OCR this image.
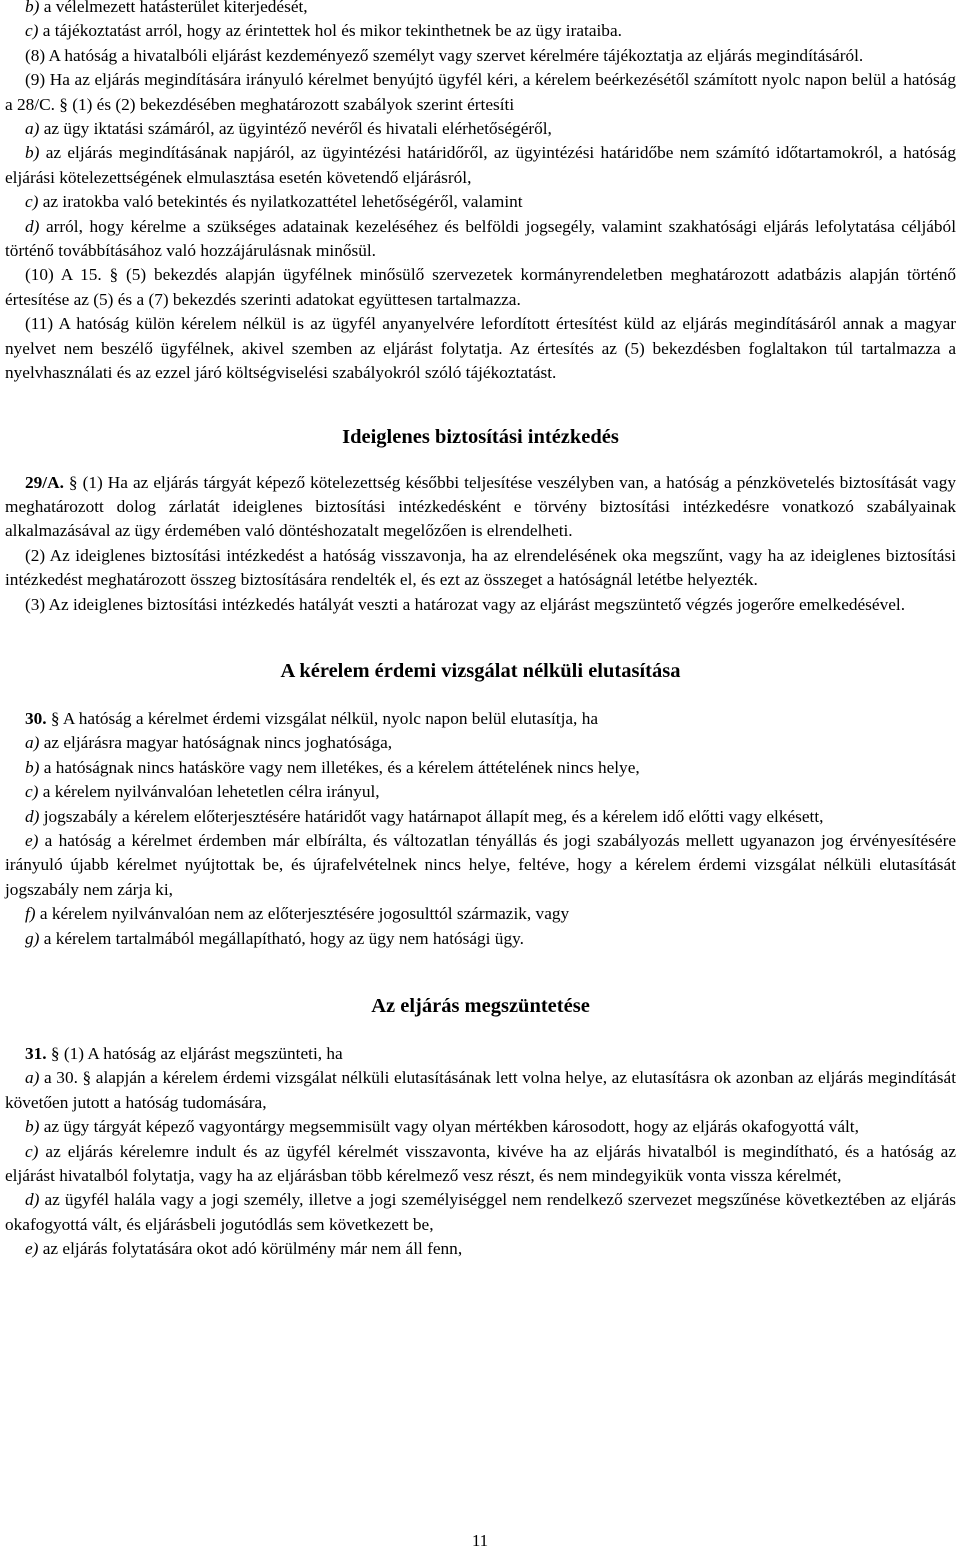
b) a vélelmezett hatásterület kiterjedését,

c) a tájékoztatást arról, hogy az érintettek hol és mikor tekinthetnek be az ügy irataiba.

(8) A hatóság a hivatalbóli eljárást kezdeményező személyt vagy szervet kérelmére tájékoztatja az eljárás megindításáról.

(9) Ha az eljárás megindítására irányuló kérelmet benyújtó ügyfél kéri, a kérelem beérkezésétől számított nyolc napon belül a hatóság a 28/C. § (1) és (2) bekezdésében meghatározott szabályok szerint értesíti

a) az ügy iktatási számáról, az ügyintéző nevéről és hivatali elérhetőségéről,

b) az eljárás megindításának napjáról, az ügyintézési határidőről, az ügyintézési határidőbe nem számító időtartamokról, a hatóság eljárási kötelezettségének elmulasztása esetén követendő eljárásról,

c) az iratokba való betekintés és nyilatkozattétel lehetőségéről, valamint

d) arról, hogy kérelme a szükséges adatainak kezeléséhez és belföldi jogsegély, valamint szakhatósági eljárás lefolytatása céljából történő továbbításához való hozzájárulásnak minősül.

(10) A 15. § (5) bekezdés alapján ügyfélnek minősülő szervezetek kormányrendeletben meghatározott adatbázis alapján történő értesítése az (5) és a (7) bekezdés szerinti adatokat együttesen tartalmazza.

(11) A hatóság külön kérelem nélkül is az ügyfél anyanyelvére lefordított értesítést küld az eljárás megindításáról annak a magyar nyelvet nem beszélő ügyfélnek, akivel szemben az eljárást folytatja. Az értesítés az (5) bekezdésben foglaltakon túl tartalmazza a nyelvhasználati és az ezzel járó költségviselési szabályokról szóló tájékoztatást.

Ideiglenes biztosítási intézkedés

29/A. § (1) Ha az eljárás tárgyát képező kötelezettség későbbi teljesítése veszélyben van, a hatóság a pénzkövetelés biztosítását vagy meghatározott dolog zárlatát ideiglenes biztosítási intézkedésként e törvény biztosítási intézkedésre vonatkozó szabályainak alkalmazásával az ügy érdemében való döntéshozatalt megelőzően is elrendelheti.

(2) Az ideiglenes biztosítási intézkedést a hatóság visszavonja, ha az elrendelésének oka megszűnt, vagy ha az ideiglenes biztosítási intézkedést meghatározott összeg biztosítására rendelték el, és ezt az összeget a hatóságnál letétbe helyezték.

(3) Az ideiglenes biztosítási intézkedés hatályát veszti a határozat vagy az eljárást megszüntető végzés jogerőre emelkedésével.

A kérelem érdemi vizsgálat nélküli elutasítása

30. § A hatóság a kérelmet érdemi vizsgálat nélkül, nyolc napon belül elutasítja, ha

a) az eljárásra magyar hatóságnak nincs joghatósága,

b) a hatóságnak nincs hatásköre vagy nem illetékes, és a kérelem áttételének nincs helye,

c) a kérelem nyilvánvalóan lehetetlen célra irányul,

d) jogszabály a kérelem előterjesztésére határidőt vagy határnapot állapít meg, és a kérelem idő előtti vagy elkésett,

e) a hatóság a kérelmet érdemben már elbírálta, és változatlan tényállás és jogi szabályozás mellett ugyanazon jog érvényesítésére irányuló újabb kérelmet nyújtottak be, és újrafelvételnek nincs helye, feltéve, hogy a kérelem érdemi vizsgálat nélküli elutasítását jogszabály nem zárja ki,

f) a kérelem nyilvánvalóan nem az előterjesztésére jogosulttól származik, vagy

g) a kérelem tartalmából megállapítható, hogy az ügy nem hatósági ügy.

Az eljárás megszüntetése

31. § (1) A hatóság az eljárást megszünteti, ha

a) a 30. § alapján a kérelem érdemi vizsgálat nélküli elutasításának lett volna helye, az elutasításra ok azonban az eljárás megindítását követően jutott a hatóság tudomására,

b) az ügy tárgyát képező vagyontárgy megsemmisült vagy olyan mértékben károsodott, hogy az eljárás okafogyottá vált,

c) az eljárás kérelemre indult és az ügyfél kérelmét visszavonta, kivéve ha az eljárás hivatalból is megindítható, és a hatóság az eljárást hivatalból folytatja, vagy ha az eljárásban több kérelmező vesz részt, és nem mindegyikük vonta vissza kérelmét,

d) az ügyfél halála vagy a jogi személy, illetve a jogi személyiséggel nem rendelkező szervezet megszűnése következtében az eljárás okafogyottá vált, és eljárásbeli jogutódlás sem következett be,

e) az eljárás folytatására okot adó körülmény már nem áll fenn,

11
